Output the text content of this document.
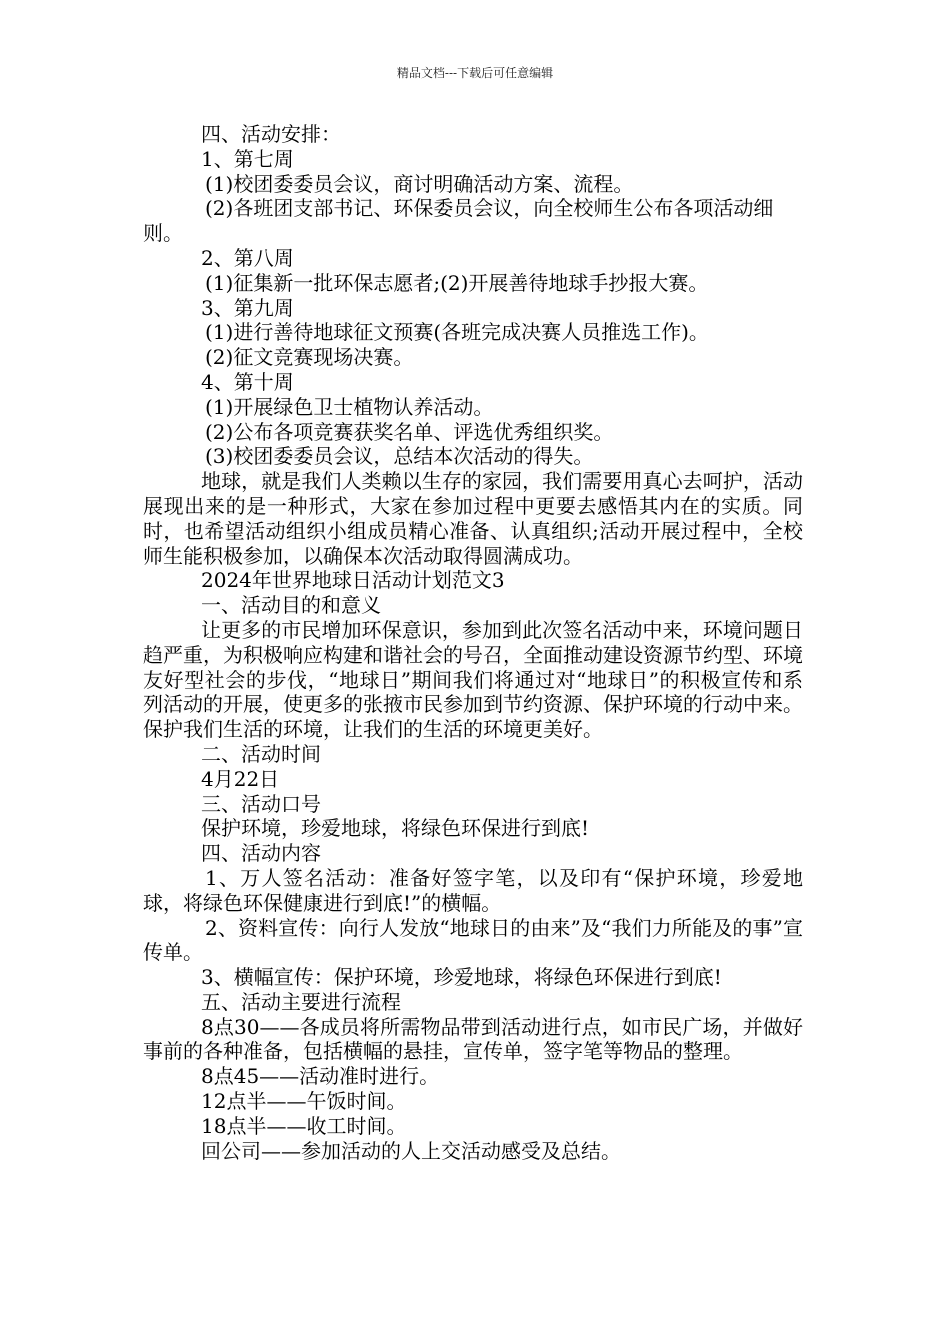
精品文档---下载后可任意编辑

四、活动安排：

1、第七周

(1)校团委委员会议，商讨明确活动方案、流程。

(2)各班团支部书记、环保委员会议，向全校师生公布各项活动细则。

2、第八周

(1)征集新一批环保志愿者;(2)开展善待地球手抄报大赛。

3、第九周

(1)进行善待地球征文预赛(各班完成决赛人员推选工作)。

(2)征文竞赛现场决赛。

4、第十周

(1)开展绿色卫士植物认养活动。

(2)公布各项竞赛获奖名单、评选优秀组织奖。

(3)校团委委员会议，总结本次活动的得失。

地球，就是我们人类赖以生存的家园，我们需要用真心去呵护，活动展现出来的是一种形式，大家在参加过程中更要去感悟其内在的实质。同时，也希望活动组织小组成员精心准备、认真组织;活动开展过程中，全校师生能积极参加，以确保本次活动取得圆满成功。

2024年世界地球日活动计划范文3

一、活动目的和意义

让更多的市民增加环保意识，参加到此次签名活动中来，环境问题日趋严重，为积极响应构建和谐社会的号召，全面推动建设资源节约型、环境友好型社会的步伐，“地球日”期间我们将通过对“地球日”的积极宣传和系列活动的开展，使更多的张掖市民参加到节约资源、保护环境的行动中来。保护我们生活的环境，让我们的生活的环境更美好。

二、活动时间

4月22日

三、活动口号

保护环境，珍爱地球，将绿色环保进行到底!

四、活动内容

1、万人签名活动：准备好签字笔，以及印有“保护环境，珍爱地球，将绿色环保健康进行到底!”的横幅。

2、资料宣传：向行人发放“地球日的由来”及“我们力所能及的事”宣传单。

3、横幅宣传：保护环境，珍爱地球，将绿色环保进行到底!

五、活动主要进行流程

8点30——各成员将所需物品带到活动进行点，如市民广场，并做好事前的各种准备，包括横幅的悬挂，宣传单，签字笔等物品的整理。

8点45——活动准时进行。

12点半——午饭时间。

18点半——收工时间。

回公司——参加活动的人上交活动感受及总结。
